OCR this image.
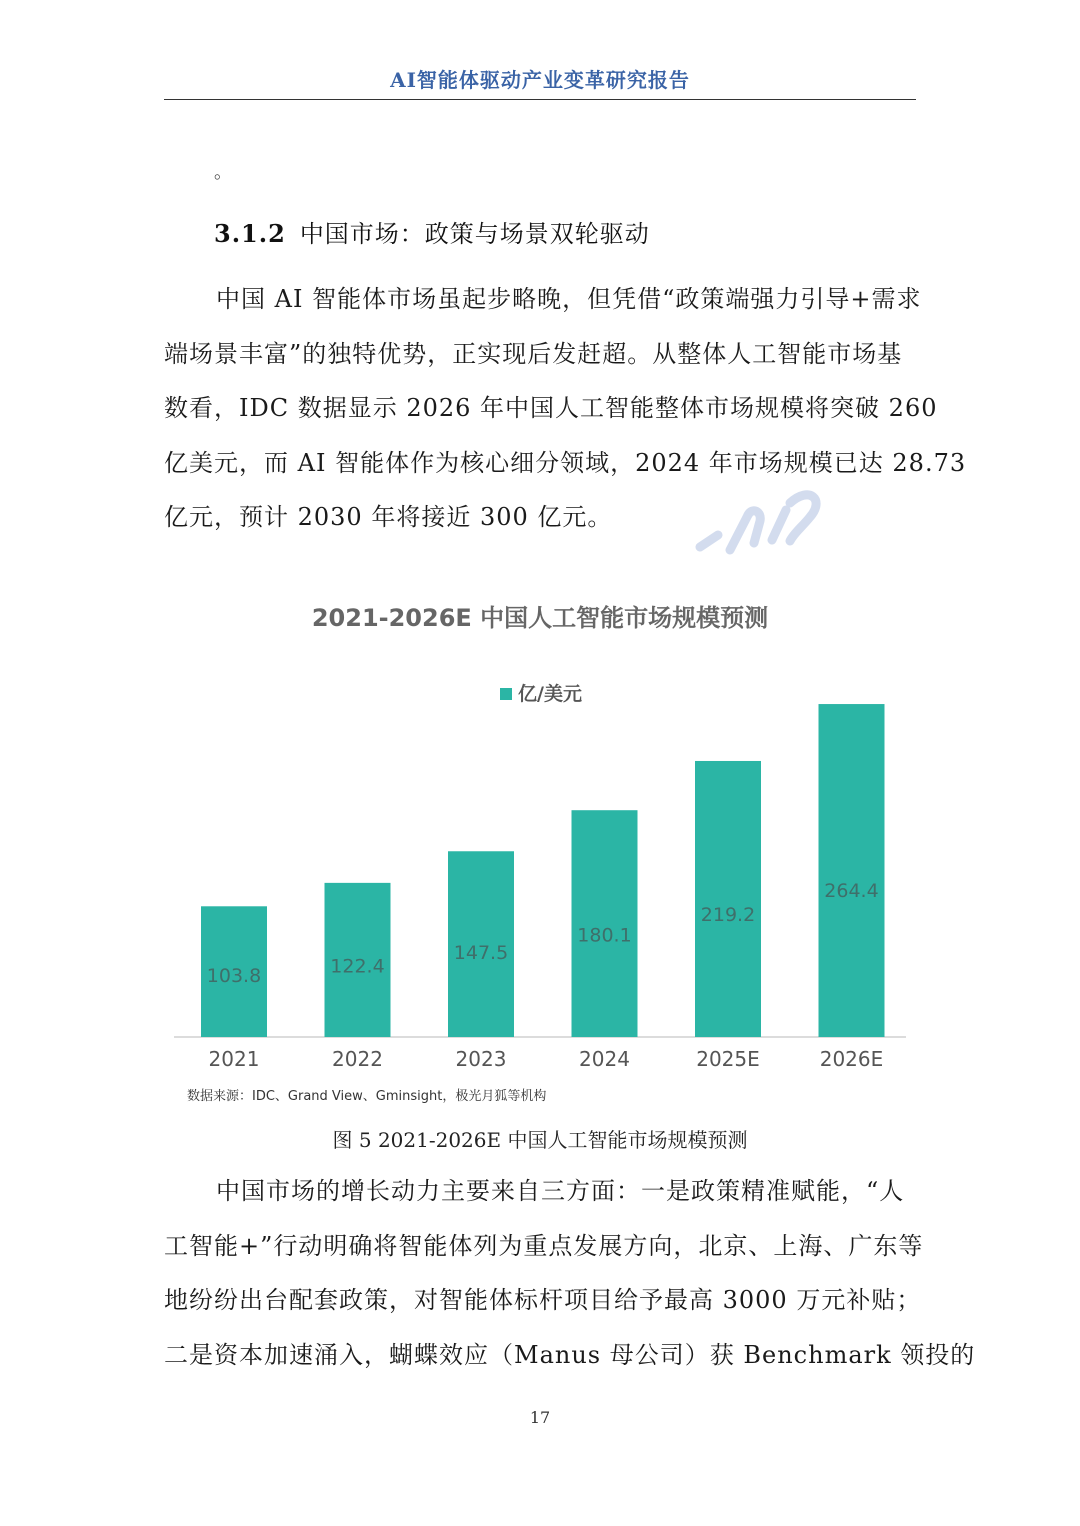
AI智能体驱动产业变革研究报告
。
3.1.2 中国市场：政策与场景双轮驱动
中国 AI 智能体市场虽起步略晚，但凭借“政策端强力引导+需求
端场景丰富”的独特优势，正实现后发赶超。从整体人工智能市场基
数看，IDC 数据显示 2026 年中国人工智能整体市场规模将突破 260
亿美元，而 AI 智能体作为核心细分领域，2024 年市场规模已达 28.73
亿元，预计 2030 年将接近 300 亿元。
2021-2026E 中国人工智能市场规模预测
亿/美元
103.8
2021
122.4
2022
147.5
2023
180.1
2024
219.2
2025E
264.4
2026E
数据来源：IDC、Grand View、Gminsight，极光月狐等机构
图 5 2021-2026E 中国人工智能市场规模预测
中国市场的增长动力主要来自三方面：一是政策精准赋能，“人
工智能+”行动明确将智能体列为重点发展方向，北京、上海、广东等
地纷纷出台配套政策，对智能体标杆项目给予最高 3000 万元补贴；
二是资本加速涌入，蝴蝶效应（Manus 母公司）获 Benchmark 领投的
17
